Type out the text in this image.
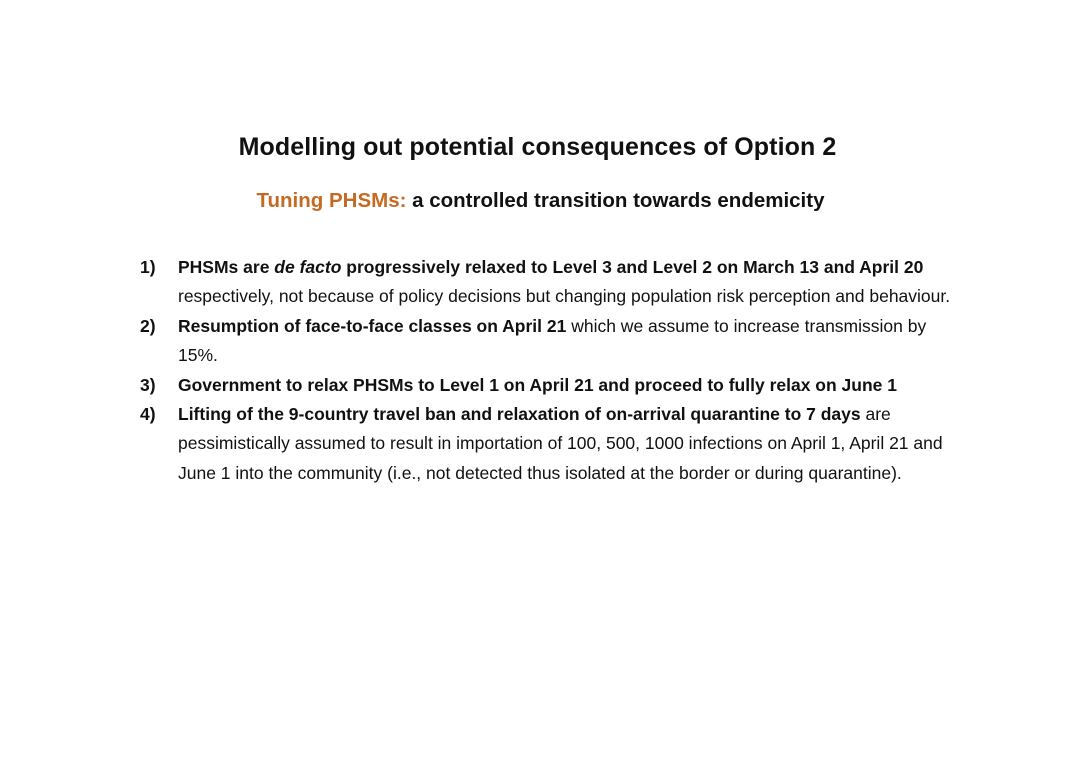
Modelling out potential consequences of Option 2
Tuning PHSMs: a controlled transition towards endemicity
1) PHSMs are de facto progressively relaxed to Level 3 and Level 2 on March 13 and April 20 respectively, not because of policy decisions but changing population risk perception and behaviour.
2) Resumption of face-to-face classes on April 21 which we assume to increase transmission by 15%.
3) Government to relax PHSMs to Level 1 on April 21 and proceed to fully relax on June 1
4) Lifting of the 9-country travel ban and relaxation of on-arrival quarantine to 7 days are pessimistically assumed to result in importation of 100, 500, 1000 infections on April 1, April 21 and June 1 into the community (i.e., not detected thus isolated at the border or during quarantine).
